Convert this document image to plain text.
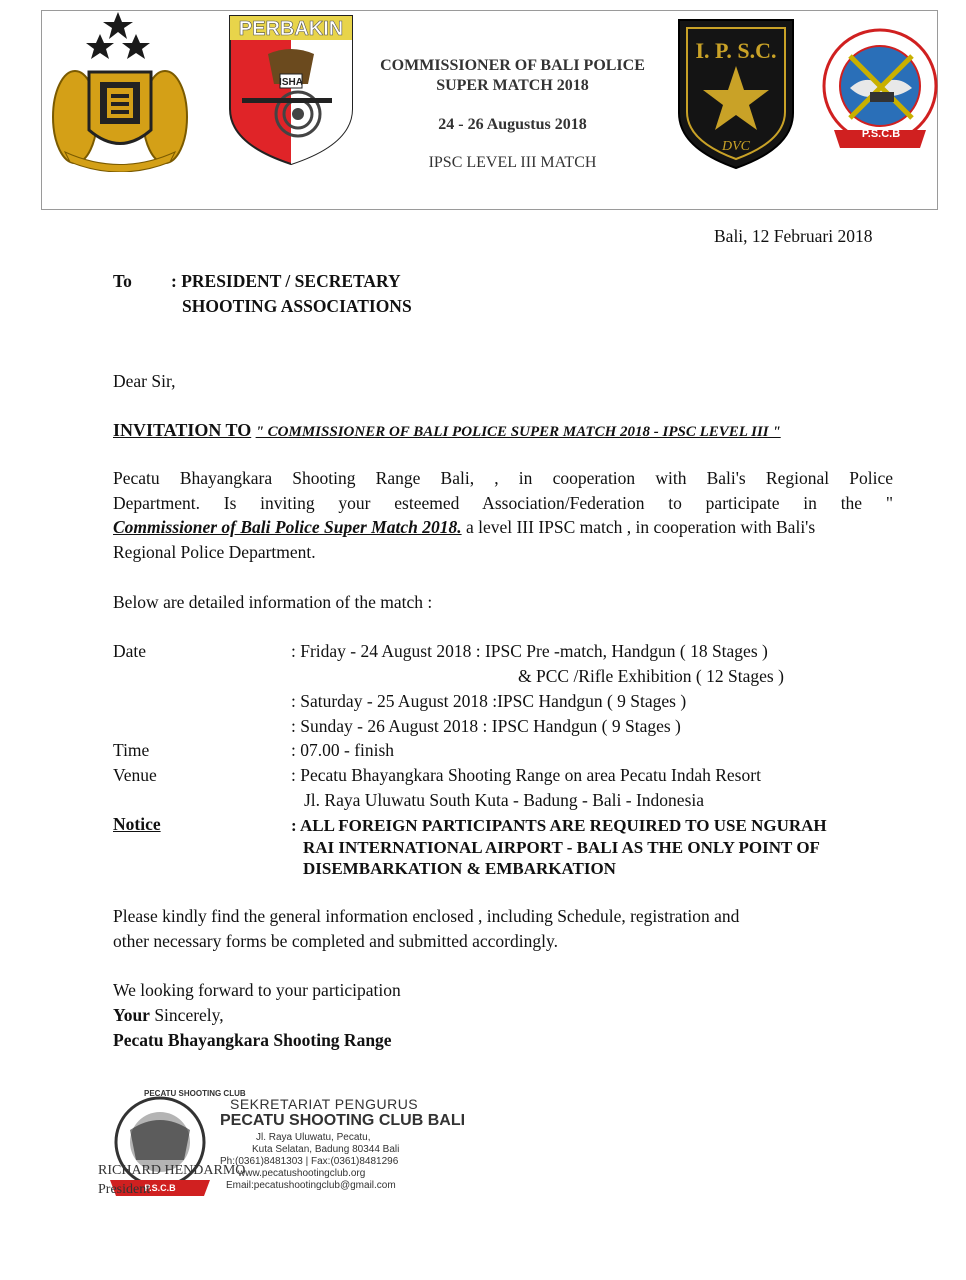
PERBAKIN
ISHA
COMMISSIONER OF BALI POLICE
SUPER MATCH 2018
24 - 26 Augustus 2018
IPSC LEVEL III MATCH
I. P. S.C.
DVC
P.S.C.B
Bali, 12 Februari 2018
To : PRESIDENT / SECRETARY
SHOOTING ASSOCIATIONS
Dear Sir,
INVITATION TO " COMMISSIONER OF BALI POLICE SUPER MATCH 2018 - IPSC LEVEL III "
Pecatu Bhayangkara Shooting Range Bali, , in cooperation with Bali's Regional Police
Department. Is inviting your esteemed Association/Federation to participate in the "
Commissioner of Bali Police Super Match 2018. a level III IPSC match , in cooperation with Bali's
Regional Police Department.
Below are detailed information of the match :
Date	: Friday - 24 August 2018 : IPSC Pre -match, Handgun ( 18 Stages )
& PCC /Rifle Exhibition ( 12 Stages )
: Saturday - 25 August 2018 :IPSC Handgun ( 9 Stages )
: Sunday - 26 August 2018 : IPSC Handgun ( 9 Stages )
Time	: 07.00 - finish
Venue	: Pecatu Bhayangkara Shooting Range on area Pecatu Indah Resort
Jl. Raya Uluwatu South Kuta - Badung - Bali - Indonesia
Notice	: ALL FOREIGN PARTICIPANTS ARE REQUIRED TO USE NGURAH
RAI INTERNATIONAL AIRPORT - BALI AS THE ONLY POINT OF
DISEMBARKATION & EMBARKATION
Please kindly find the general information enclosed , including Schedule, registration and
other necessary forms be completed and submitted accordingly.
We looking forward to your participation
Your Sincerely,
Pecatu Bhayangkara Shooting Range
PECATU SHOOTING CLUB
P.S.C.B
SEKRETARIAT PENGURUS
PECATU SHOOTING CLUB BALI
Jl. Raya Uluwatu, Pecatu,
Kuta Selatan, Badung 80344 Bali
Ph:(0361)8481303 | Fax:(0361)8481296
www.pecatushootingclub.org
Email:pecatushootingclub@gmail.com
RICHARD HENDARMO
President
